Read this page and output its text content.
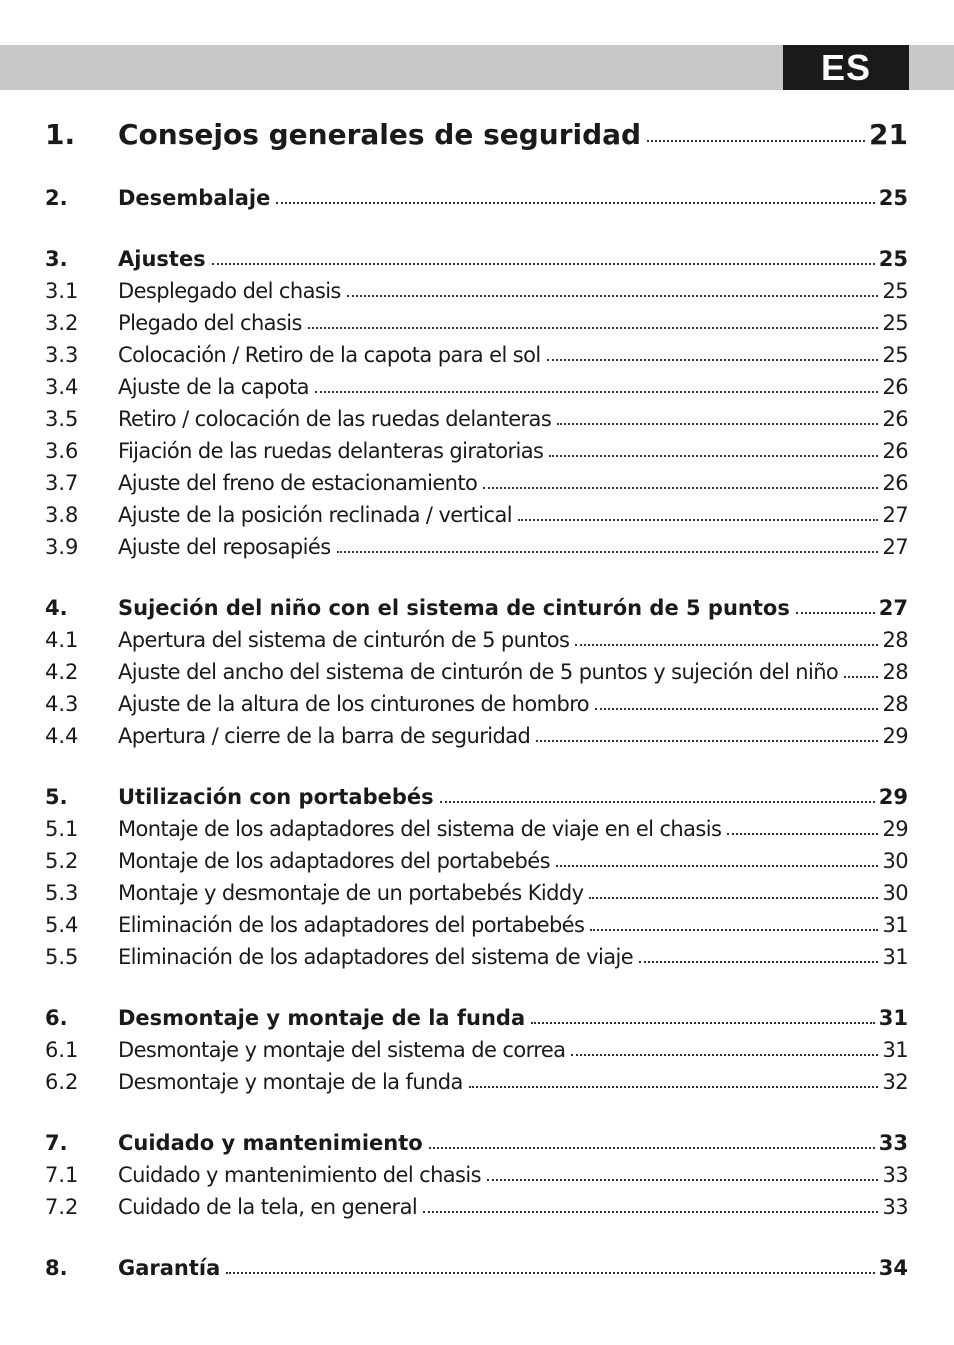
ES
1.	Consejos generales de seguridad	21
2.	Desembalaje	25
3.	Ajustes	25
3.1	Desplegado del chasis	25
3.2	Plegado del chasis	25
3.3	Colocación / Retiro de la capota para el sol	25
3.4	Ajuste de la capota	26
3.5	Retiro / colocación de las ruedas delanteras	26
3.6	Fijación de las ruedas delanteras giratorias	26
3.7	Ajuste del freno de estacionamiento	26
3.8	Ajuste de la posición reclinada / vertical	27
3.9	Ajuste del reposapiés	27
4.	Sujeción del niño con el sistema de cinturón de 5 puntos	27
4.1	Apertura del sistema de cinturón de 5 puntos	28
4.2	Ajuste del ancho del sistema de cinturón de 5 puntos y sujeción del niño 28
4.3	Ajuste de la altura de los cinturones de hombro	28
4.4	Apertura / cierre de la barra de seguridad	29
5.	Utilización con portabebés	29
5.1	Montaje de los adaptadores del sistema de viaje en el chasis	29
5.2	Montaje de los adaptadores del portabebés	30
5.3	Montaje y desmontaje de un portabebés Kiddy	30
5.4	Eliminación de los adaptadores del portabebés	31
5.5	Eliminación de los adaptadores del sistema de viaje	31
6.	Desmontaje y montaje de la funda	31
6.1	Desmontaje y montaje del sistema de correa	31
6.2	Desmontaje y montaje de la funda	32
7.	Cuidado y mantenimiento	33
7.1	Cuidado y mantenimiento del chasis	33
7.2	Cuidado de la tela, en general	33
8.	Garantía	34
